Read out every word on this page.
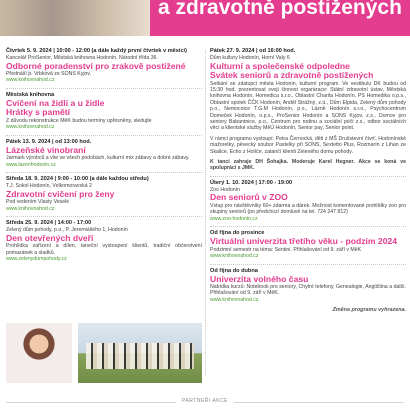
a zdravotně postižených
Čtvrtek 5. 9. 2024 | 10:00 - 12:00 (a dále každý první čtvrtek v měsíci)
Kancelář ProSenior, Městská knihovna Hodonín, Národní třída 36
Odborné poradenství pro zrakově postižené
Přednáší p. Vrbková ze SONS Kyjov.
www.knihovnahod.cz
Městská knihovna
Cvičení na židli a u židle
Hrátky s pamětí
Z důvodu rekonstrukce MěK budou termíny upřesněny, sledujte
www.knihovnahod.cz
Pátek 13. 9. 2024 | od 13:00 hod.
Lázeňské vinobraní
Jarmark výrobců a vše ve všech podobách, kulturní mix zábavy a dobré zábavy.
www.lazenhodonin.cz
Středa 18. 9. 2024 | 9:00 - 10:00 (a dále každou středu)
T.J. Sokol Hodonín, Velkomoravská 2
Zdravotní cvičení pro ženy
Pod vedením Vlasty Veselé
www.knihovnahod.cz
Středa 25. 9. 2024 | 14:00 - 17:00
Zelený dům pohody, p.o., P. Jeremiášého 1, Hodonín
Den otevřených dveří
Prohlídka zařízení a dílen, taneční vystoupení klientů, tradiční občerstvení pomazánek a sladků.
www.zelenydumpohody.cz
Pátek 27. 9. 2024 | od 16:00 hod.
Dům kultury Hodonín, Horní Valy 6
Kulturní a společenské odpoledne
Svátek seniorů a zdravotně postižených
Setkání se zástupci města Hodonín, kulturní program. Ve vestibulu DK budou od 15:30 hod. prezentovat svoji činnost organizace: Státní zdravotní ústav, Městská knihovna Hodonín, Homedica s.r.o., Oblastní Charita Hodonín, PS Homedika o.p.s., Oblastní spolek ČČK Hodonín, Anděl Strážný, z.ú., Dům Elpida, Zelený dům pohody p.o., Nemocnice T.G.M Hodonín, p.o., Lázně Hodonín s.r.o., Psychocentrum Domeček Hodonín, o.p.s., ProSenior Hodonín a SONS Kyjov, z.s., Domov pro seniory Babantnice, p.o., Centrum pro rodinu a sociální péči z.s., odbor sociálních věcí a klientské služby MěÚ Hodonín, Senior pay, Senior point.
V rámci programu vystoupí: Petra Černocká, děti z MŠ Drušstevní čtvrť, Hodonínské mažoretky, pěvecký soubor Pastelky při SONS, Sextetto Plus, Rozmarín z Lihan ze Skalice, Echo z Holíče, zatančí klienti Zeleného domu pohody.
K tanci zahraje DH Šohajka. Moderuje Karel Hegner. Akce se koná ve spolupráci s JMK.
Úterý 1. 10. 2024 | 17:00 - 19:00
Zoo Hodonín
Den seniorů v ZOO
Vstup pro návštěvníky 60+ zdarma a dárek. Možnost komentované prohlídky zoo pro skupiny seniorů (po předchozí domluvě na tel. 724 247 812)
www.zoo-hodonin.cz
Od října do prosince
Virtuální univerzita třetího věku - podzim 2024
Podzimní semestr na téma: Sentini. Přihlašování od 9. září v MěK
www.knihovnahod.cz
Od října do dubna
Univerzita volného času
Nabídka kurzů: Notebook pro seniory, Chytré telefony, Genealogie, Angličtina a další. Přihlašování od 9. září v MěK.
www.knihovnahod.cz
Změna programu vyhrazena.
PARTNEŘI AKCE
